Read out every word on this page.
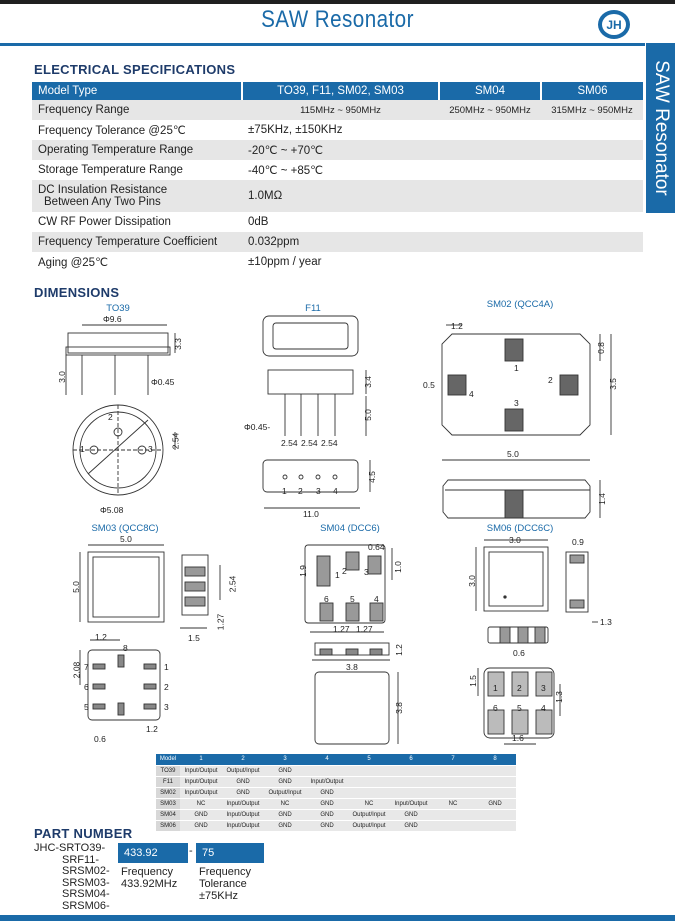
SAW Resonator	JH
SAW Resonator
ELECTRICAL SPECIFICATIONS
Model Type	TO39, F11, SM02, SM03	SM04	SM06
Frequency Range	115MHz ~ 950MHz	250MHz ~ 950MHz	315MHz ~ 950MHz
Frequency Tolerance @25℃	±75KHz, ±150KHz		
Operating Temperature Range	-20℃ ~ +70℃		
Storage Temperature Range	-40℃ ~ +85℃		

DC Insulation Resistance
Between Any Two Pins	1.0MΩ		
CW RF Power Dissipation	0dB		
Frequency Temperature Coefficient	0.032ppm		
Aging @25℃	±10ppm / year		
DIMENSIONS
TO39
Φ9.6
3.3
3.0	Φ0.45
2.54
Φ5.08
1
2
3
F11
3.4
5.0
Φ0.45-
2.54 2.54 2.54
4.5
11.0
1 2 3 4
SM02 (QCC4A)
1.2
0.8
0.5	3.5
5.0
1.4
1
2
3
4
SM03 (QCC8C)
5.0
5.0	2.54
1.27
1.5
1.2
2.08
0.6
1.2
1
2
3
5
6
7
8
SM04 (DCC6)
0.64
1.9	1.0
1.27 1.27
1.2
3.8
3.8
1 2 3
4
5
6
SM06 (DCC6C)
3.0
3.0
0.9
1.3
0.6
1.5
1.3
1.6
1 2 3
4
5
6
Model	1	2	3	4	5	6	7	8
TO39	Input/Output	Output/Input	GND					
F11	Input/Output	GND	GND	Input/Output				
SM02	Input/Output	GND	Output/Input	GND				
SM03	NC	Input/Output	NC	GND	NC	Input/Output	NC	GND
SM04	GND	Input/Output	GND	GND	Output/Input	GND		
SM06	GND	Input/Output	GND	GND	Output/Input	GND		
PART NUMBER
JHC-SRTO39-
SRF11-
SRSM02-
SRSM03-
SRSM04-
SRSM06-
433.92	- 75
Frequency
433.92MHz
Frequency
Tolerance
±75KHz
